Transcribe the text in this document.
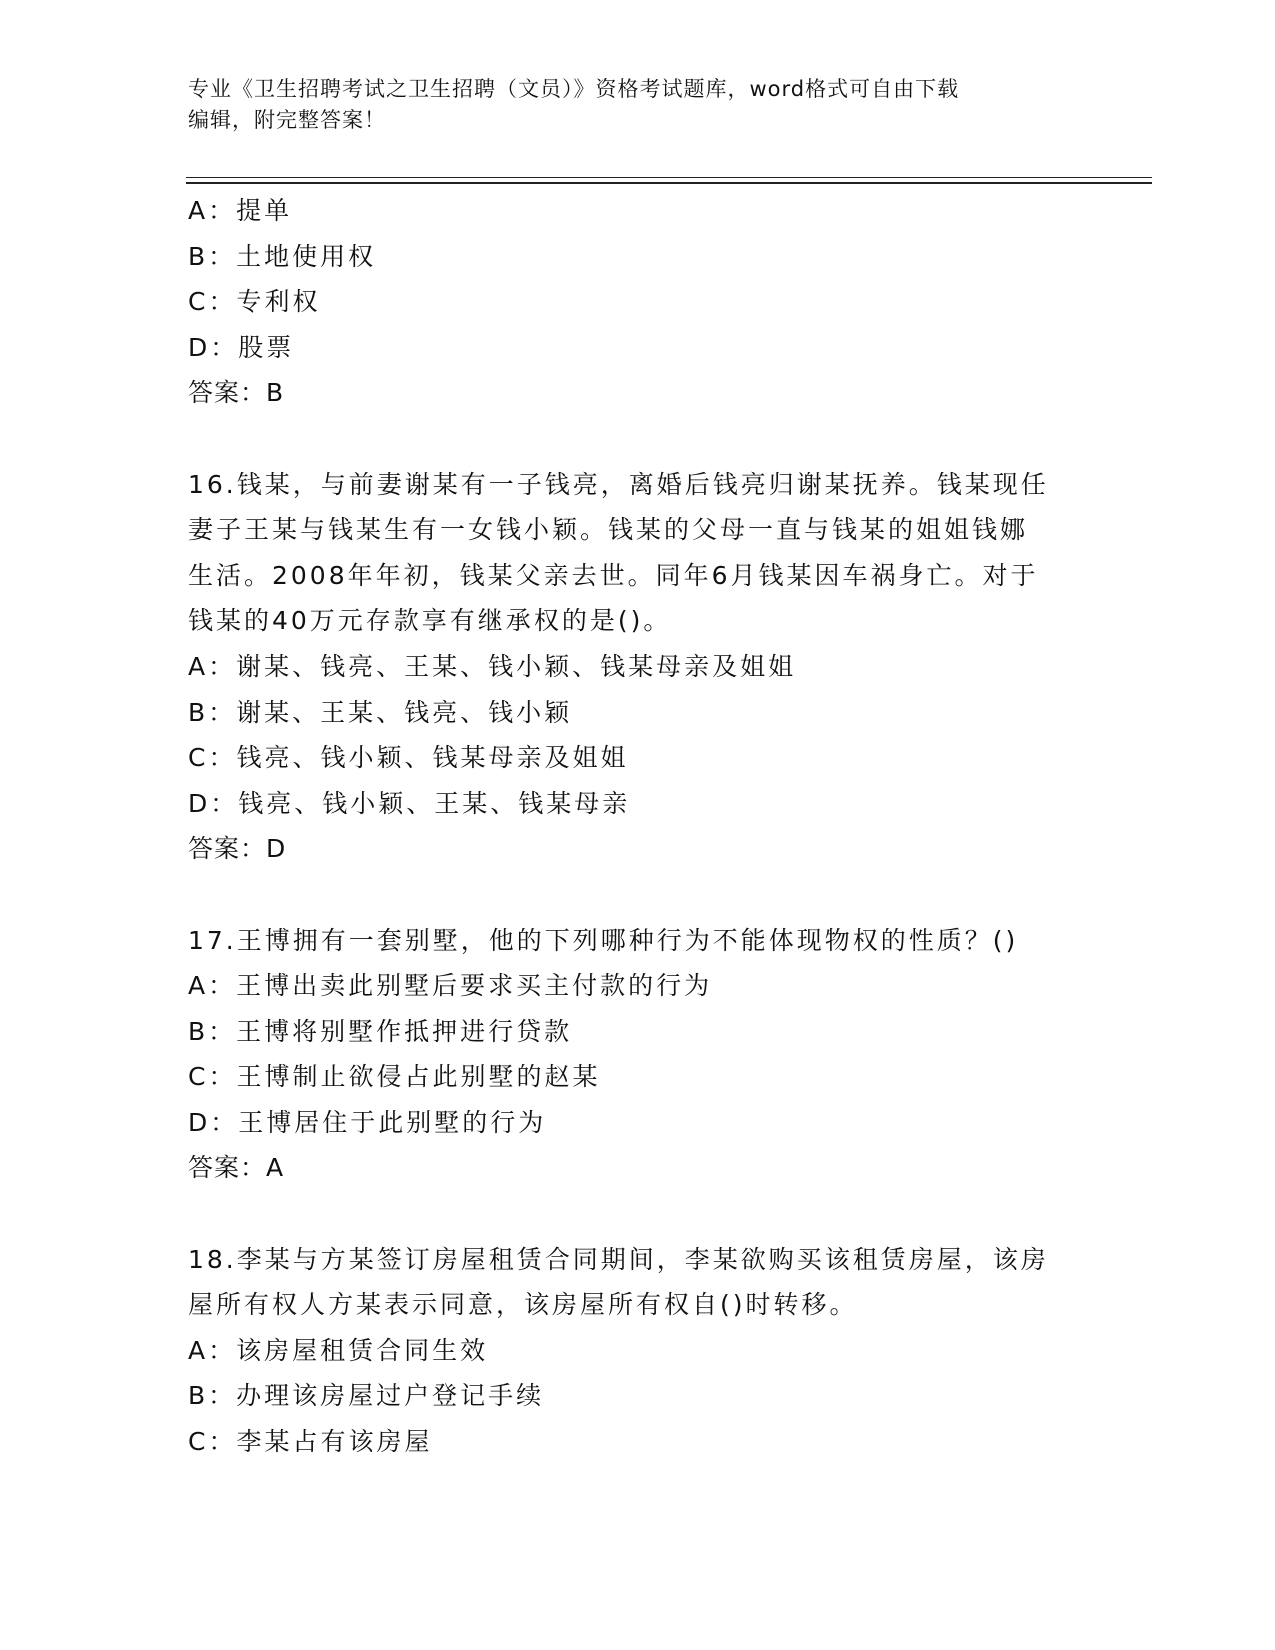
专业《卫生招聘考试之卫生招聘（文员）》资格考试题库，word格式可自由下载
编辑，附完整答案！
A：提单
B：土地使用权
C：专利权
D：股票
答案：B
16.钱某，与前妻谢某有一子钱亮，离婚后钱亮归谢某抚养。钱某现任
妻子王某与钱某生有一女钱小颖。钱某的父母一直与钱某的姐姐钱娜
生活。2008年年初，钱某父亲去世。同年6月钱某因车祸身亡。对于
钱某的40万元存款享有继承权的是()。
A：谢某、钱亮、王某、钱小颖、钱某母亲及姐姐
B：谢某、王某、钱亮、钱小颖
C：钱亮、钱小颖、钱某母亲及姐姐
D：钱亮、钱小颖、王某、钱某母亲
答案：D
17.王博拥有一套别墅，他的下列哪种行为不能体现物权的性质？()
A：王博出卖此别墅后要求买主付款的行为
B：王博将别墅作抵押进行贷款
C：王博制止欲侵占此别墅的赵某
D：王博居住于此别墅的行为
答案：A
18.李某与方某签订房屋租赁合同期间，李某欲购买该租赁房屋，该房
屋所有权人方某表示同意，该房屋所有权自()时转移。
A：该房屋租赁合同生效
B：办理该房屋过户登记手续
C：李某占有该房屋
